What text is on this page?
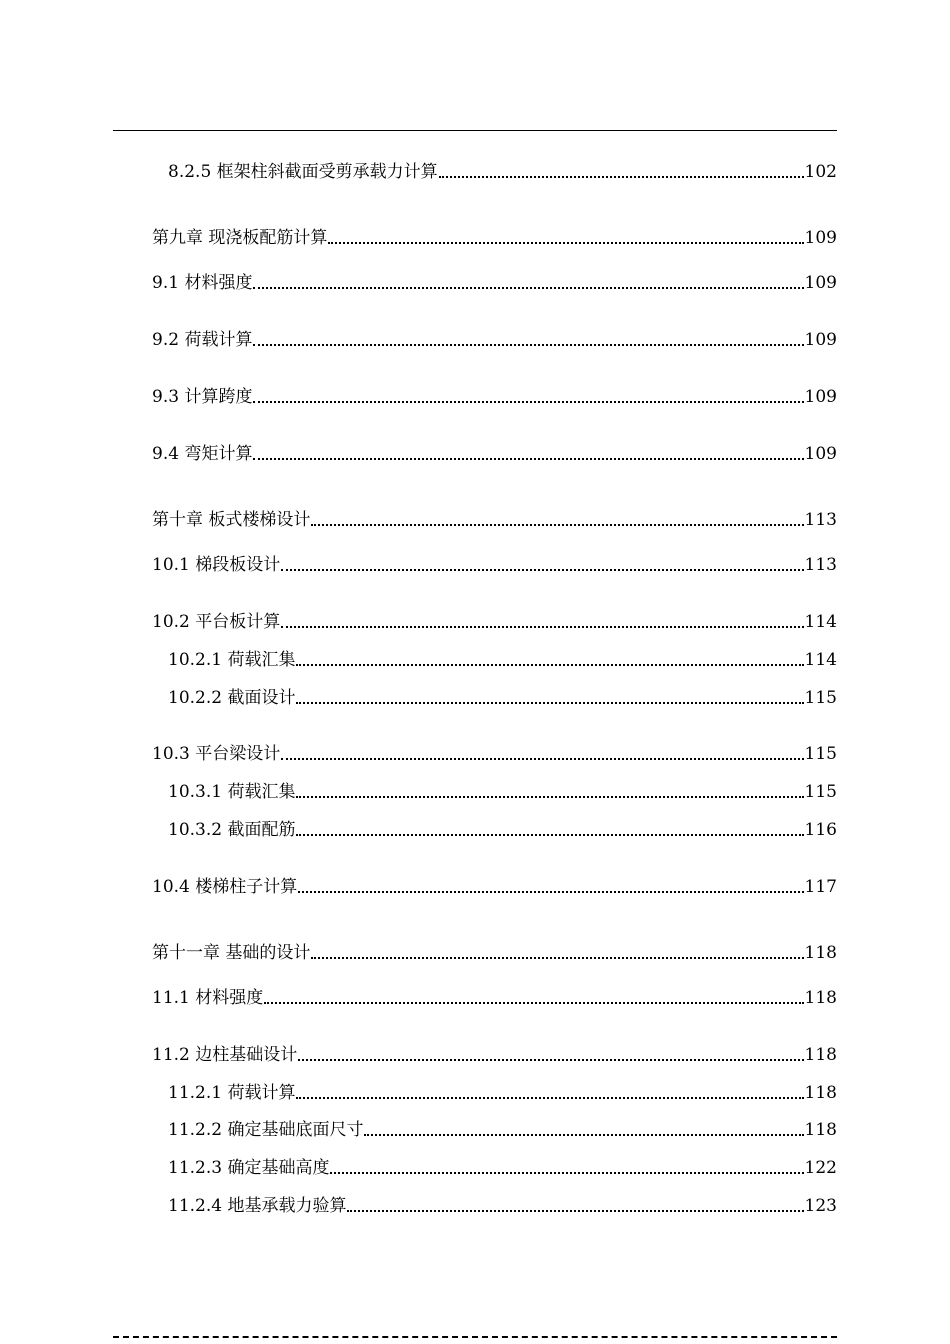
8.2.5 框架柱斜截面受剪承载力计算	102
第九章 现浇板配筋计算	109
9.1 材料强度	109
9.2 荷载计算	109
9.3 计算跨度	109
9.4 弯矩计算	109
第十章 板式楼梯设计	113
10.1 梯段板设计	113
10.2 平台板计算	114
10.2.1 荷载汇集	114
10.2.2 截面设计	115
10.3 平台梁设计	115
10.3.1 荷载汇集	115
10.3.2 截面配筋	116
10.4 楼梯柱子计算	117
第十一章 基础的设计	118
11.1 材料强度	118
11.2 边柱基础设计	118
11.2.1 荷载计算	118
11.2.2 确定基础底面尺寸	118
11.2.3 确定基础高度	122
11.2.4 地基承载力验算	123
